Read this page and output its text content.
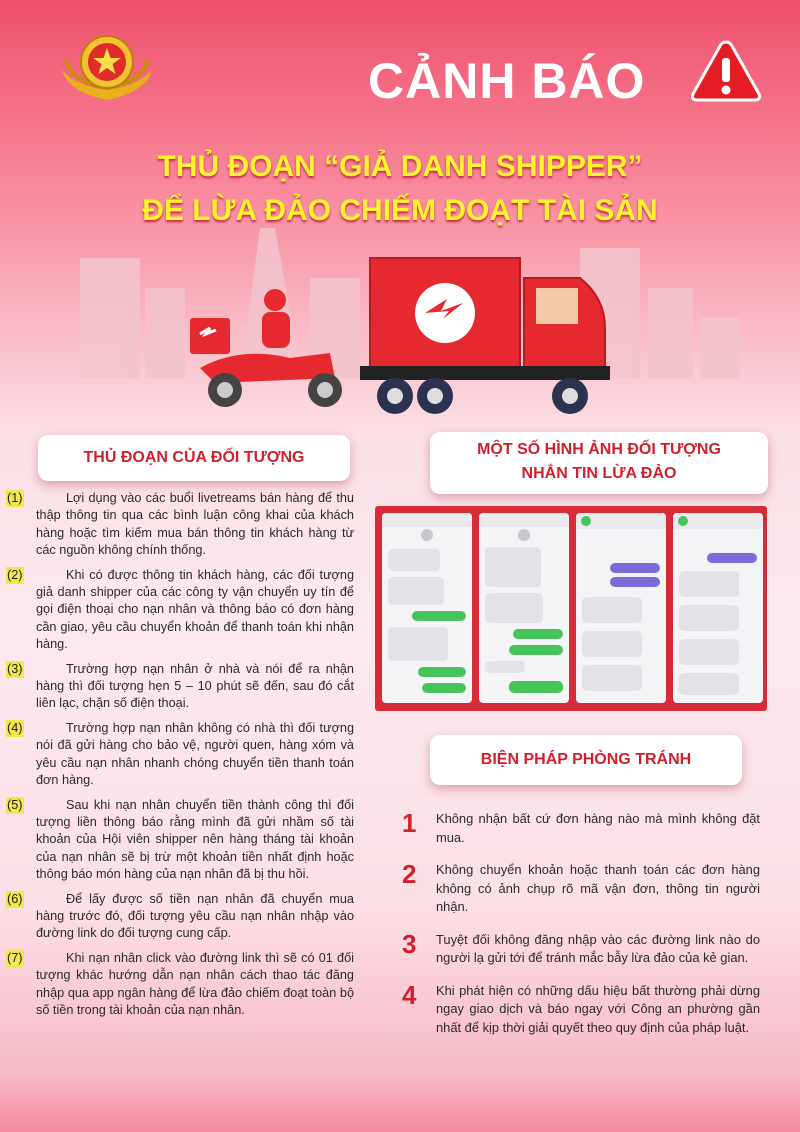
CẢNH BÁO
THỦ ĐOẠN “GIẢ DANH SHIPPER”
ĐỂ LỪA ĐẢO CHIẾM ĐOẠT TÀI SẢN
THỦ ĐOẠN CỦA ĐỐI TƯỢNG	MỘT SỐ HÌNH ẢNH ĐỐI TƯỢNG
NHẮN TIN LỪA ĐẢO
(1)	Lợi dụng vào các buổi livetreams bán hàng để thu thập thông tin qua các bình luận công khai của khách hàng hoặc tìm kiếm mua bán thông tin khách hàng từ các nguồn không chính thống.
(2)	Khi có được thông tin khách hàng, các đối tượng giả danh shipper của các công ty vận chuyển uy tín để gọi điện thoại cho nạn nhân và thông báo có đơn hàng cần giao, yêu cầu chuyển khoản để thanh toán khi nhận hàng.
(3)	Trường hợp nạn nhân ở nhà và nói để ra nhận hàng thì đối tượng hẹn 5 – 10 phút sẽ đến, sau đó cắt liên lạc, chặn số điện thoại.
(4)	Trường hợp nạn nhân không có nhà thì đối tượng nói đã gửi hàng cho bảo vệ, người quen, hàng xóm và yêu cầu nạn nhân nhanh chóng chuyển tiền thanh toán đơn hàng.
(5)	Sau khi nạn nhân chuyển tiền thành công thì đối tượng liền thông báo rằng mình đã gửi nhầm số tài khoản của Hội viên shipper nên hàng tháng tài khoản của nạn nhân sẽ bị trừ một khoản tiền nhất định hoặc thông báo món hàng của nạn nhân đã bị thu hồi.
(6)	Để lấy được số tiền nạn nhân đã chuyển mua hàng trước đó, đối tượng yêu cầu nạn nhân nhập vào đường link do đối tượng cung cấp.
(7)	Khi nạn nhân click vào đường link thì sẽ có 01 đối tượng khác hướng dẫn nạn nhân cách thao tác đăng nhập qua app ngân hàng để lừa đảo chiếm đoạt toàn bộ số tiền trong tài khoản của nạn nhân.
BIỆN PHÁP PHÒNG TRÁNH
1 Không nhận bất cứ đơn hàng nào mà mình không đặt mua.
2 Không chuyển khoản hoặc thanh toán các đơn hàng không có ảnh chụp rõ mã vận đơn, thông tin người nhận.
3 Tuyệt đối không đăng nhập vào các đường link nào do người lạ gửi tới để tránh mắc bẫy lừa đảo của kẻ gian.
4 Khi phát hiện có những dấu hiệu bất thường phải dừng ngay giao dịch và báo ngay với Công an phường gần nhất để kịp thời giải quyết theo quy định của pháp luật.
